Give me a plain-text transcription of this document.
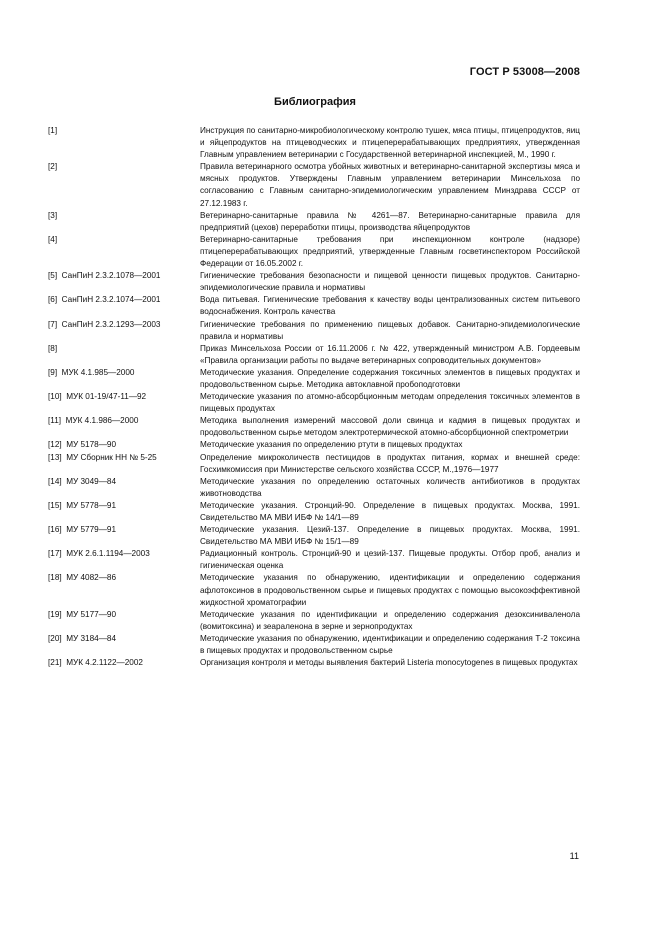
ГОСТ Р 53008—2008
Библиография
[1]	Инструкция по санитарно-микробиологическому контролю тушек, мяса птицы, птицепродуктов, яиц и яйцепродуктов на птицеводческих и птицеперерабатывающих предприятиях, утвержденная Главным управлением ветеринарии с Государственной ветеринарной инспекцией, М., 1990 г.
[2]	Правила ветеринарного осмотра убойных животных и ветеринарно-санитарной экспертизы мяса и мясных продуктов. Утверждены Главным управлением ветеринарии Минсельхоза по согласованию с Главным санитарно-эпидемиологическим управлением Минздрава СССР от 27.12.1983 г.
[3]	Ветеринарно-санитарные правила № 4261—87. Ветеринарно-санитарные правила для предприятий (цехов) переработки птицы, производства яйцепродуктов
[4]	Ветеринарно-санитарные требования при инспекционном контроле (надзоре) птицеперерабатывающих предприятий, утвержденные Главным госветинспектором Российской Федерации от 16.05.2002 г.
[5]  СанПиН 2.3.2.1078—2001	Гигиенические требования безопасности и пищевой ценности пищевых продуктов. Санитарно-эпидемиологические правила и нормативы
[6]  СанПиН 2.3.2.1074—2001	Вода питьевая. Гигиенические требования к качеству воды централизованных систем питьевого водоснабжения. Контроль качества
[7]  СанПиН 2.3.2.1293—2003	Гигиенические требования по применению пищевых добавок. Санитарно-эпидемиологические правила и нормативы
[8]	Приказ Минсельхоза России от 16.11.2006 г. № 422, утвержденный министром А.В. Гордеевым «Правила организации работы по выдаче ветеринарных сопроводительных документов»
[9]  МУК 4.1.985—2000	Методические указания. Определение содержания токсичных элементов в пищевых продуктах и продовольственном сырье. Методика автоклавной пробоподготовки
[10]  МУК 01-19/47-11—92	Методические указания по атомно-абсорбционным методам определения токсичных элементов в пищевых продуктах
[11]  МУК 4.1.986—2000	Методика выполнения измерений массовой доли свинца и кадмия в пищевых продуктах и продовольственном сырье методом электротермической атомно-абсорбционной спектрометрии
[12]  МУ 5178—90	Методические указания по определению ртути в пищевых продуктах
[13]  МУ Сборник НН № 5-25	Определение микроколичеств пестицидов в продуктах питания, кормах и внешней среде: Госхимкомиссия при Министерстве сельского хозяйства СССР, М.,1976—1977
[14]  МУ 3049—84	Методические указания по определению остаточных количеств антибиотиков в продуктах животноводства
[15]  МУ 5778—91	Методические указания. Стронций-90. Определение в пищевых продуктах. Москва, 1991. Свидетельство МА МВИ ИБФ № 14/1—89
[16]  МУ 5779—91	Методические указания. Цезий-137. Определение в пищевых продуктах. Москва, 1991. Свидетельство МА МВИ ИБФ № 15/1—89
[17]  МУК 2.6.1.1194—2003	Радиационный контроль. Стронций-90 и цезий-137. Пищевые продукты. Отбор проб, анализ и гигиеническая оценка
[18]  МУ 4082—86	Методические указания по обнаружению, идентификации и определению содержания афлотоксинов в продовольственном сырье и пищевых продуктах с помощью высокоэффективной жидкостной хроматографии
[19]  МУ 5177—90	Методические указания по идентификации и определению содержания дезоксиниваленола (вомитоксина) и зеараленона в зерне и зернопродуктах
[20]  МУ 3184—84	Методические указания по обнаружению, идентификации и определению содержания Т-2 токсина в пищевых продуктах и продовольственном сырье
[21]  МУК 4.2.1122—2002	Организация контроля и методы выявления бактерий Listeria monocytogenes в пищевых продуктах
11
